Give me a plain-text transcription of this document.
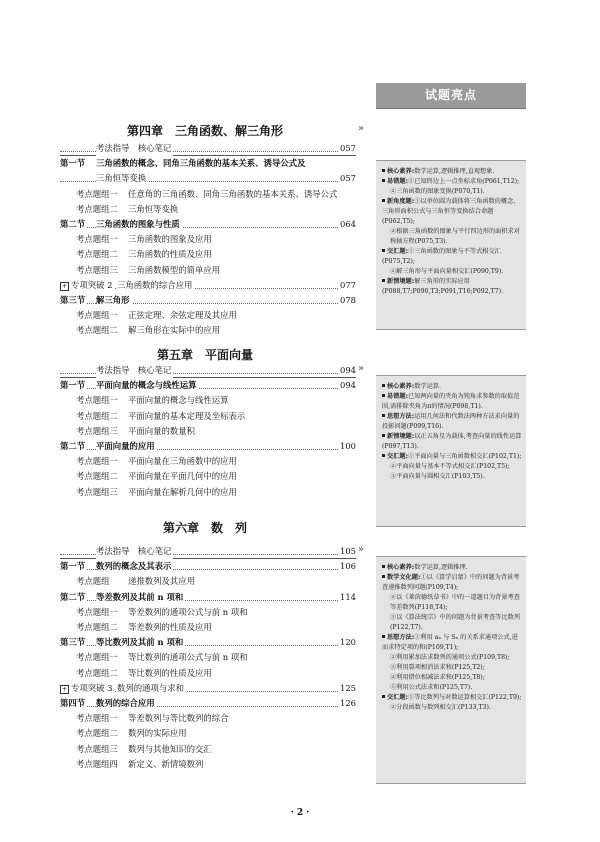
试题亮点
第四章　三角函数、解三角形
考法指导　核心笔记	057
第一节 三角函数的概念、同角三角函数的基本关系、诱导公式及
三角恒等变换	057
考点题组一 任意角的三角函数、同角三角函数的基本关系、诱导公式
考点题组二 三角恒等变换
第二节 三角函数的图象与性质	064
考点题组一 三角函数的图象及应用
考点题组二 三角函数的性质及应用
考点题组三 三角函数模型的简单应用
+ 专项突破 2 三角函数的综合应用	077
第三节 解三角形	078
考点题组一 正弦定理、余弦定理及其应用
考点题组二 解三角形在实际中的应用
»

核心素养:数学运算,逻辑推理,直观想象.

易错题:①已知终边上一点坐标求角(P061,T12);

②三角函数的图象变换(P070,T1).

新角度题:①以单位圆为载体将三角函数的概念、三角形面积公式与三角恒等变换结合命题(P062,T5);

②根据三角函数的图象与平行四边形的面积求对称轴方程(P075,T3).

交汇题:①三角函数的图象与不等式相交汇(P075,T2);

②解三角形与平面向量相交汇(P090,T9).

新情境题:解三角形的实际应用(P088,T7;P090,T3;P091,T16;P092,T7).

第五章　平面向量
考法指导　核心笔记	094
第一节 平面向量的概念与线性运算	094
考点题组一 平面向量的概念与线性运算
考点题组二 平面向量的基本定理及坐标表示
考点题组三 平面向量的数量积
第二节 平面向量的应用	100
考点题组一 平面向量在三角函数中的应用
考点题组二 平面向量在平面几何中的应用
考点题组三 平面向量在解析几何中的应用
»

核心素养:数学运算.

易错题:已知两向量的夹角为钝角求参数的取值范围,需排除夹角为π的情况(P098,T1).

思想方法:运用几何法和代数法两种方法求向量的投影问题(P099,T16).

新情境题:以正五角星为载体,考查向量的线性运算(P097,T13).

交汇题:①平面向量与三角函数相交汇(P102,T1);

②平面向量与基本不等式相交汇(P102,T5);

③平面向量与圆相交汇(P103,T5).

第六章　数　列
考法指导　核心笔记	105
第一节 数列的概念及其表示	106
考点题组 递推数列及其应用
第二节 等差数列及其前 n 项和	114
考点题组一 等差数列的通项公式与前 n 项和
考点题组二 等差数列的性质及应用
第三节 等比数列及其前 n 项和	120
考点题组一 等比数列的通项公式与前 n 项和
考点题组二 等比数列的性质及应用
+ 专项突破 3 数列的通项与求和	125
第四节 数列的综合应用	126
考点题组一 等差数列与等比数列的综合
考点题组二 数列的实际应用
考点题组三 数列与其他知识的交汇
考点题组四 新定义、新情境数列
»

核心素养:数学运算,逻辑推理.

数学文化题:①以《算学启蒙》中的问题为背景考查递推数列问题(P109,T4);

②以《莱茵德纸草书》中的一道题目为背景考查等差数列(P118,T4);

③以《算法统宗》中的问题为背景考查等比数列(P122,T7).

思想方法:①利用 aₙ 与 Sₙ 的关系求通项公式,进而求特定项的和(P109,T1);

②利用累加法求数列的通项公式(P109,T8);

③利用裂项相消法求和(P125,T2);

④利用错位相减法求和(P125,T8);

⑤利用公式法求和(P125,T7).

交汇题:①等比数列与对数运算相交汇(P122,T9);

②分段函数与数列相交汇(P133,T3).

· 2 ·
